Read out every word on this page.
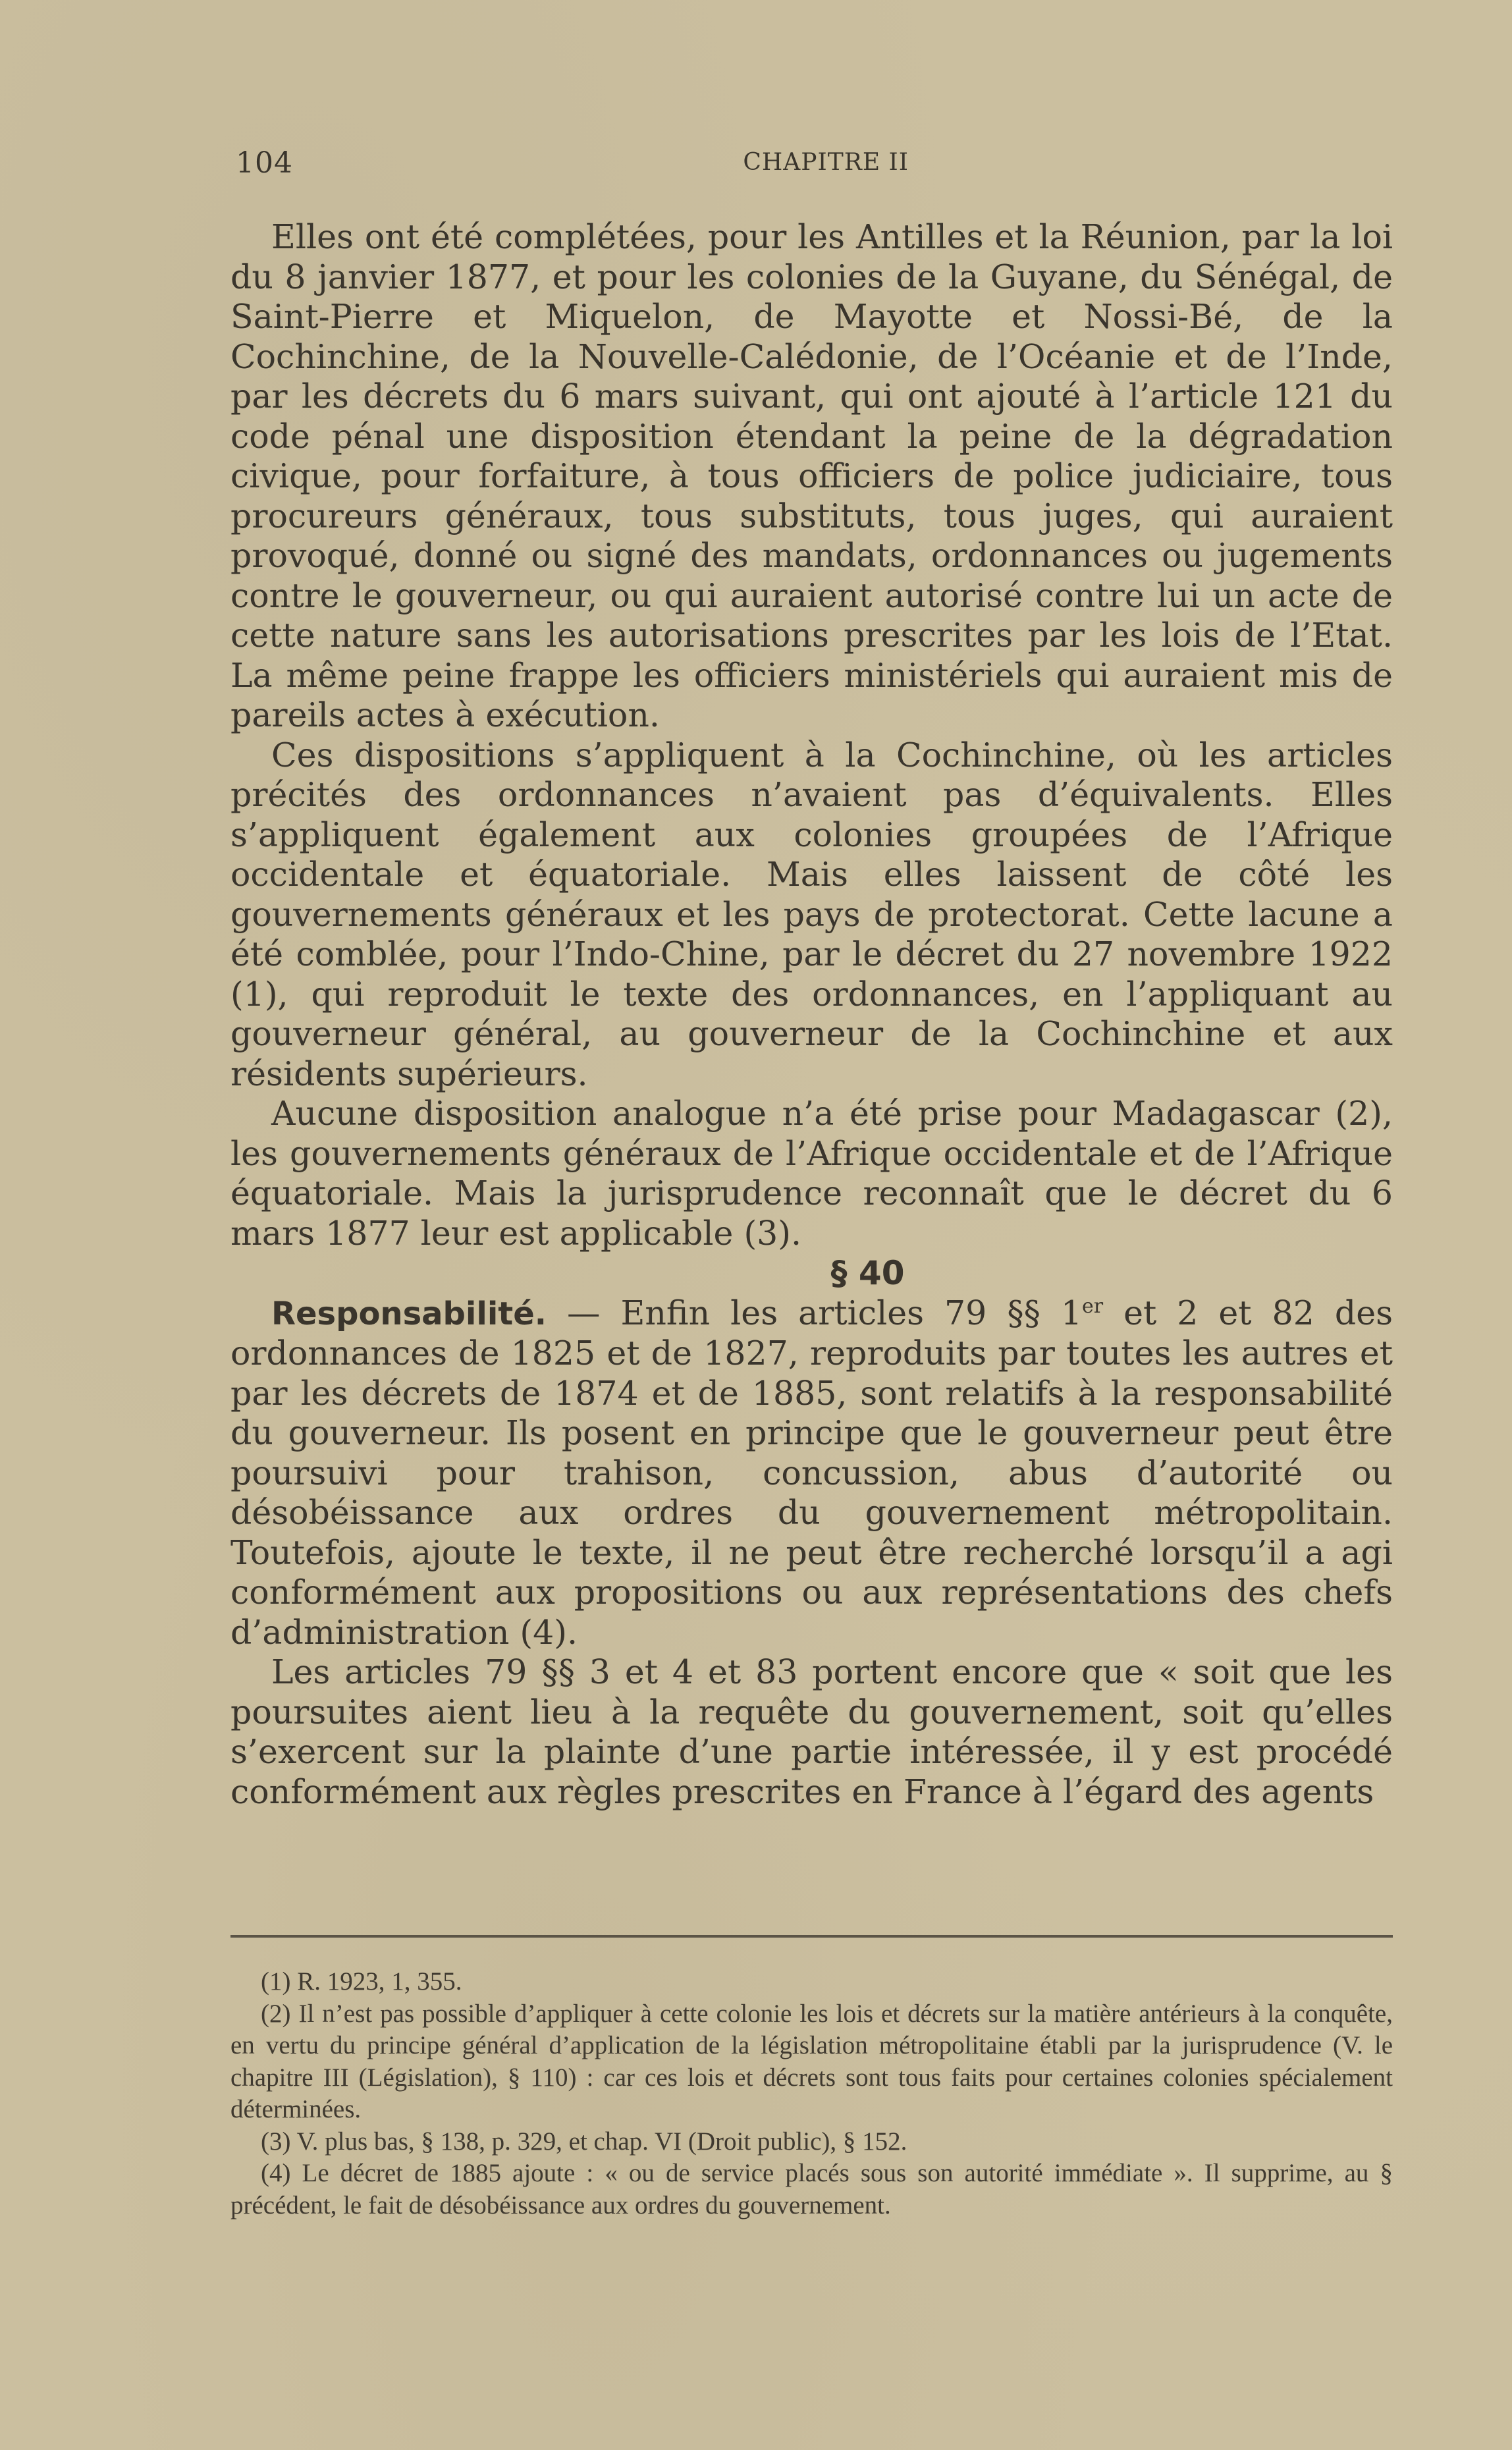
104	CHAPITRE II

Elles ont été complétées, pour les Antilles et la Réunion, par la loi du 8 janvier 1877, et pour les colonies de la Guyane, du Sénégal, de Saint-Pierre et Miquelon, de Mayotte et Nossi-Bé, de la Cochinchine, de la Nouvelle-Calédonie, de l’Océanie et de l’Inde, par les décrets du 6 mars suivant, qui ont ajouté à l’article 121 du code pénal une disposition étendant la peine de la dégradation civique, pour forfaiture, à tous officiers de police judiciaire, tous procureurs généraux, tous substituts, tous juges, qui auraient provoqué, donné ou signé des mandats, ordonnances ou jugements contre le gouverneur, ou qui auraient autorisé contre lui un acte de cette nature sans les autorisations prescrites par les lois de l’Etat. La même peine frappe les officiers ministériels qui auraient mis de pareils actes à exécution.

Ces dispositions s’appliquent à la Cochinchine, où les articles précités des ordonnances n’avaient pas d’équivalents. Elles s’appliquent également aux colonies groupées de l’Afrique occidentale et équatoriale. Mais elles laissent de côté les gouvernements généraux et les pays de protectorat. Cette lacune a été comblée, pour l’Indo-Chine, par le décret du 27 novembre 1922 (1), qui reproduit le texte des ordonnances, en l’appliquant au gouverneur général, au gouverneur de la Cochinchine et aux résidents supérieurs.

Aucune disposition analogue n’a été prise pour Madagascar (2), les gouvernements généraux de l’Afrique occidentale et de l’Afrique équatoriale. Mais la jurisprudence reconnaît que le décret du 6 mars 1877 leur est applicable (3).

§ 40

Responsabilité. — Enfin les articles 79 §§ 1er et 2 et 82 des ordonnances de 1825 et de 1827, reproduits par toutes les autres et par les décrets de 1874 et de 1885, sont relatifs à la responsabilité du gouverneur. Ils posent en principe que le gouverneur peut être poursuivi pour trahison, concussion, abus d’autorité ou désobéissance aux ordres du gouvernement métropolitain. Toutefois, ajoute le texte, il ne peut être recherché lorsqu’il a agi conformément aux propositions ou aux représentations des chefs d’administration (4).

Les articles 79 §§ 3 et 4 et 83 portent encore que « soit que les poursuites aient lieu à la requête du gouvernement, soit qu’elles s’exercent sur la plainte d’une partie intéressée, il y est procédé conformément aux règles prescrites en France à l’égard des agents

(1) R. 1923, 1, 355.

(2) Il n’est pas possible d’appliquer à cette colonie les lois et décrets sur la matière antérieurs à la conquête, en vertu du principe général d’application de la législation métropolitaine établi par la jurisprudence (V. le chapitre III (Législation), § 110) : car ces lois et décrets sont tous faits pour certaines colonies spécialement déterminées.

(3) V. plus bas, § 138, p. 329, et chap. VI (Droit public), § 152.

(4) Le décret de 1885 ajoute : « ou de service placés sous son autorité immédiate ». Il supprime, au § précédent, le fait de désobéissance aux ordres du gouvernement.
